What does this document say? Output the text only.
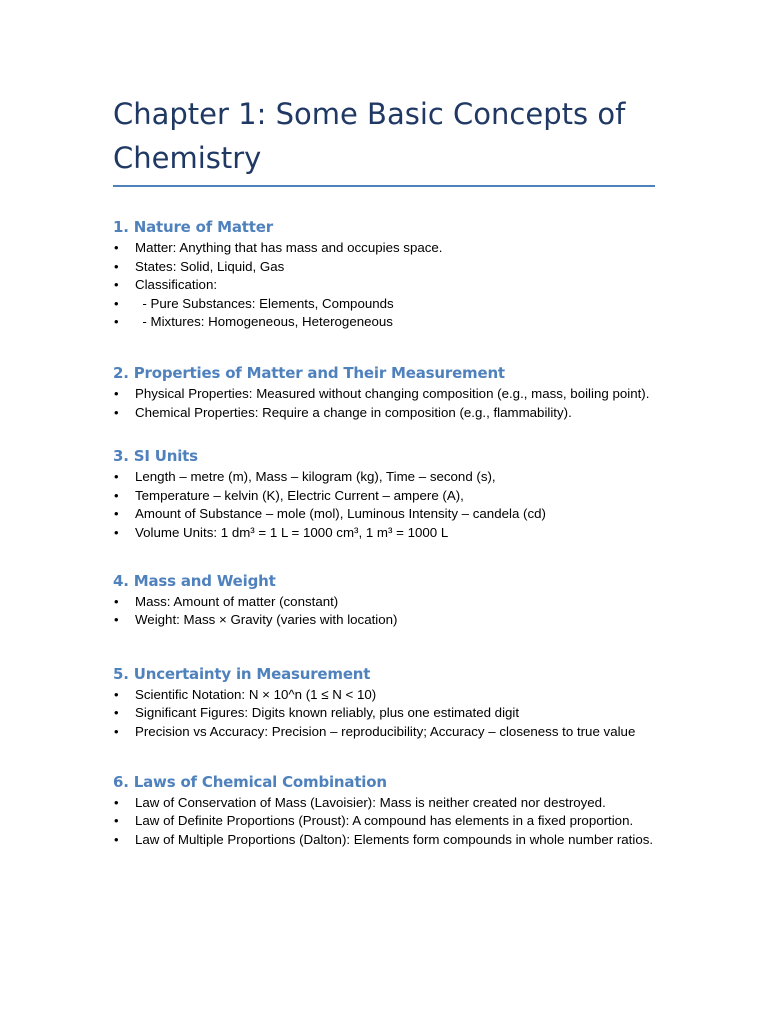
Chapter 1: Some Basic Concepts of Chemistry
1. Nature of Matter
• Matter: Anything that has mass and occupies space.
• States: Solid, Liquid, Gas
• Classification:
• - Pure Substances: Elements, Compounds
• - Mixtures: Homogeneous, Heterogeneous
2. Properties of Matter and Their Measurement
• Physical Properties: Measured without changing composition (e.g., mass, boiling point).
• Chemical Properties: Require a change in composition (e.g., flammability).
3. SI Units
• Length – metre (m), Mass – kilogram (kg), Time – second (s),
• Temperature – kelvin (K), Electric Current – ampere (A),
• Amount of Substance – mole (mol), Luminous Intensity – candela (cd)
• Volume Units: 1 dm³ = 1 L = 1000 cm³, 1 m³ = 1000 L
4. Mass and Weight
• Mass: Amount of matter (constant)
• Weight: Mass × Gravity (varies with location)
5. Uncertainty in Measurement
• Scientific Notation: N × 10^n (1 ≤ N < 10)
• Significant Figures: Digits known reliably, plus one estimated digit
• Precision vs Accuracy: Precision – reproducibility; Accuracy – closeness to true value
6. Laws of Chemical Combination
• Law of Conservation of Mass (Lavoisier): Mass is neither created nor destroyed.
• Law of Definite Proportions (Proust): A compound has elements in a fixed proportion.
• Law of Multiple Proportions (Dalton): Elements form compounds in whole number ratios.
